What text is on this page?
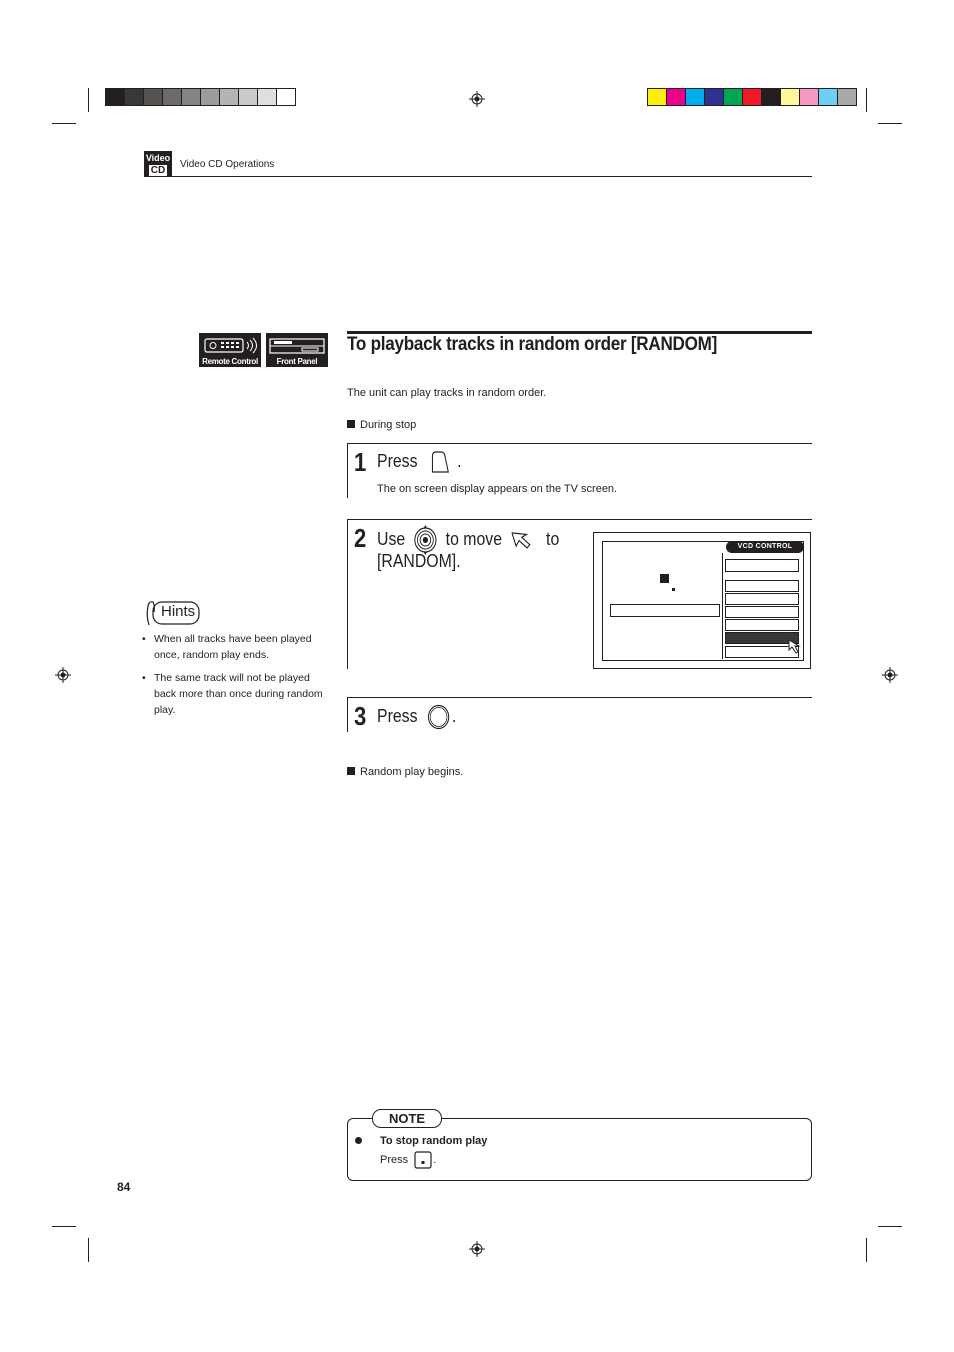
Video
CD
Video CD Operations
Remote Control	Front Panel
To playback tracks in random order [RANDOM]
The unit can play tracks in random order.
During stop
1 Press .
The on screen display appears on the TV screen.
2 Use to move to
[RANDOM].
VCD CONTROL
Hints
• When all tracks have been played once, random play ends.
• The same track will not be played back more than once during random play.	3 Press .
Random play begins.
NOTE
To stop random play
Press .
84
